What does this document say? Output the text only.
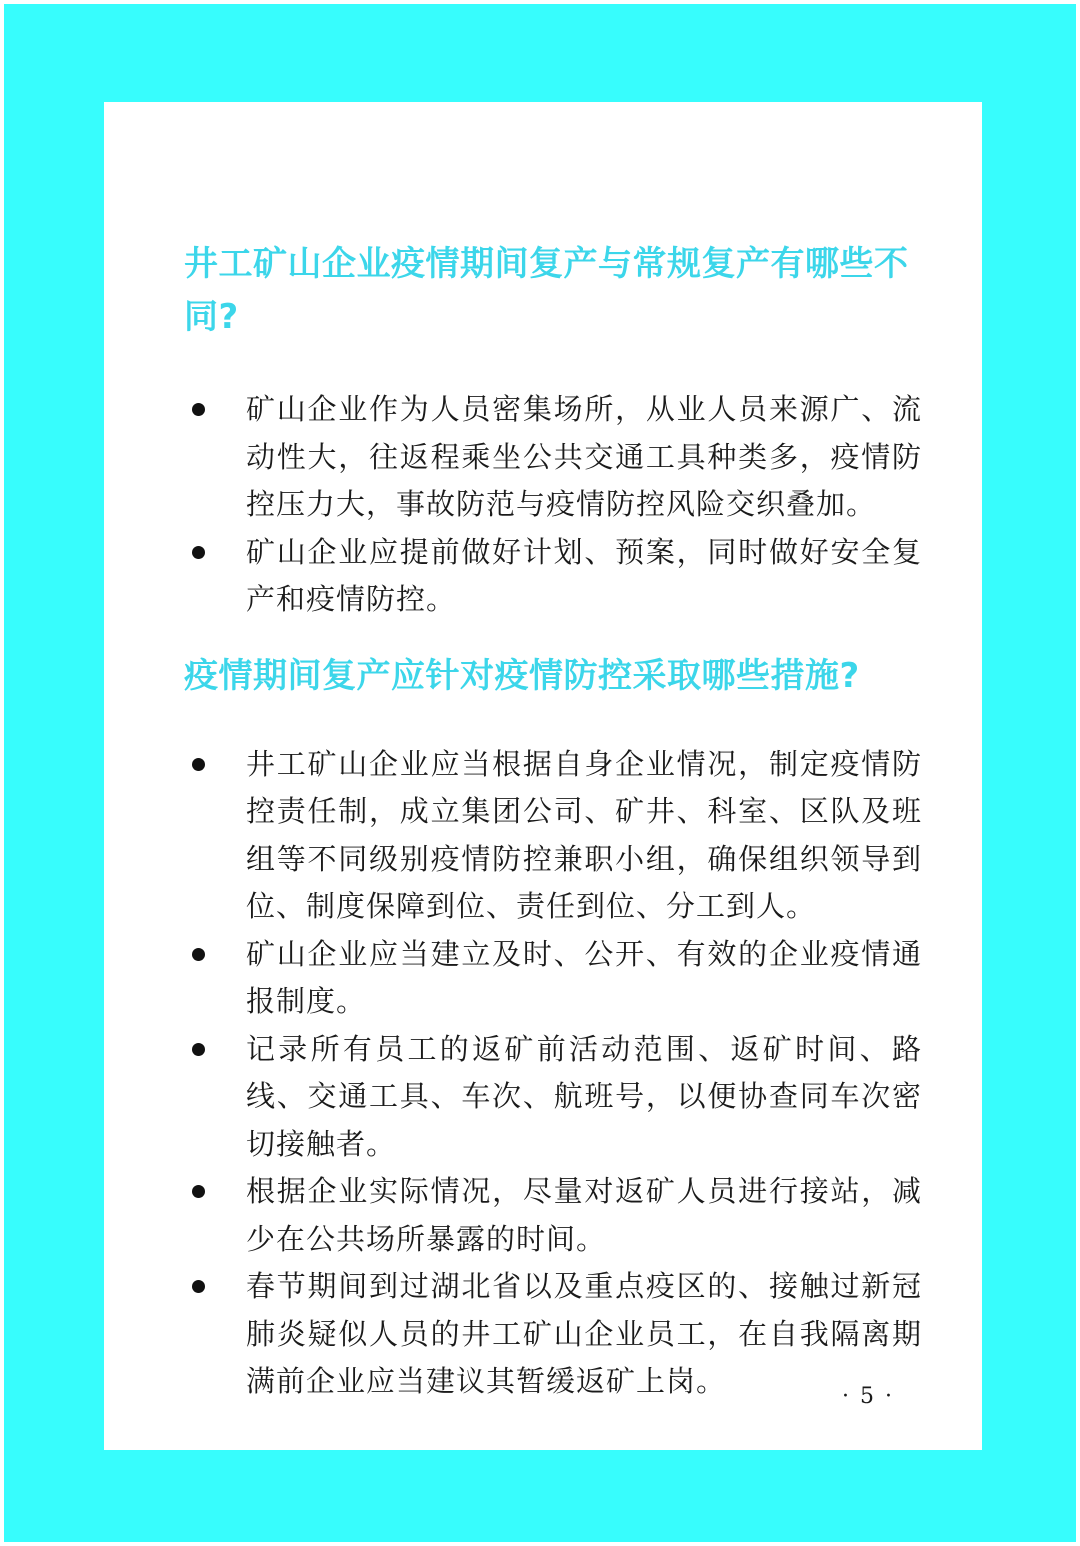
井工矿山企业疫情期间复产与常规复产有哪些不同?
矿山企业作为人员密集场所，从业人员来源广、流动性大，往返程乘坐公共交通工具种类多，疫情防控压力大，事故防范与疫情防控风险交织叠加。
矿山企业应提前做好计划、预案，同时做好安全复产和疫情防控。
疫情期间复产应针对疫情防控采取哪些措施?
井工矿山企业应当根据自身企业情况，制定疫情防控责任制，成立集团公司、矿井、科室、区队及班组等不同级别疫情防控兼职小组，确保组织领导到位、制度保障到位、责任到位、分工到人。
矿山企业应当建立及时、公开、有效的企业疫情通报制度。
记录所有员工的返矿前活动范围、返矿时间、路线、交通工具、车次、航班号，以便协查同车次密切接触者。
根据企业实际情况，尽量对返矿人员进行接站，减少在公共场所暴露的时间。
春节期间到过湖北省以及重点疫区的、接触过新冠肺炎疑似人员的井工矿山企业员工，在自我隔离期满前企业应当建议其暂缓返矿上岗。	· 5 ·
